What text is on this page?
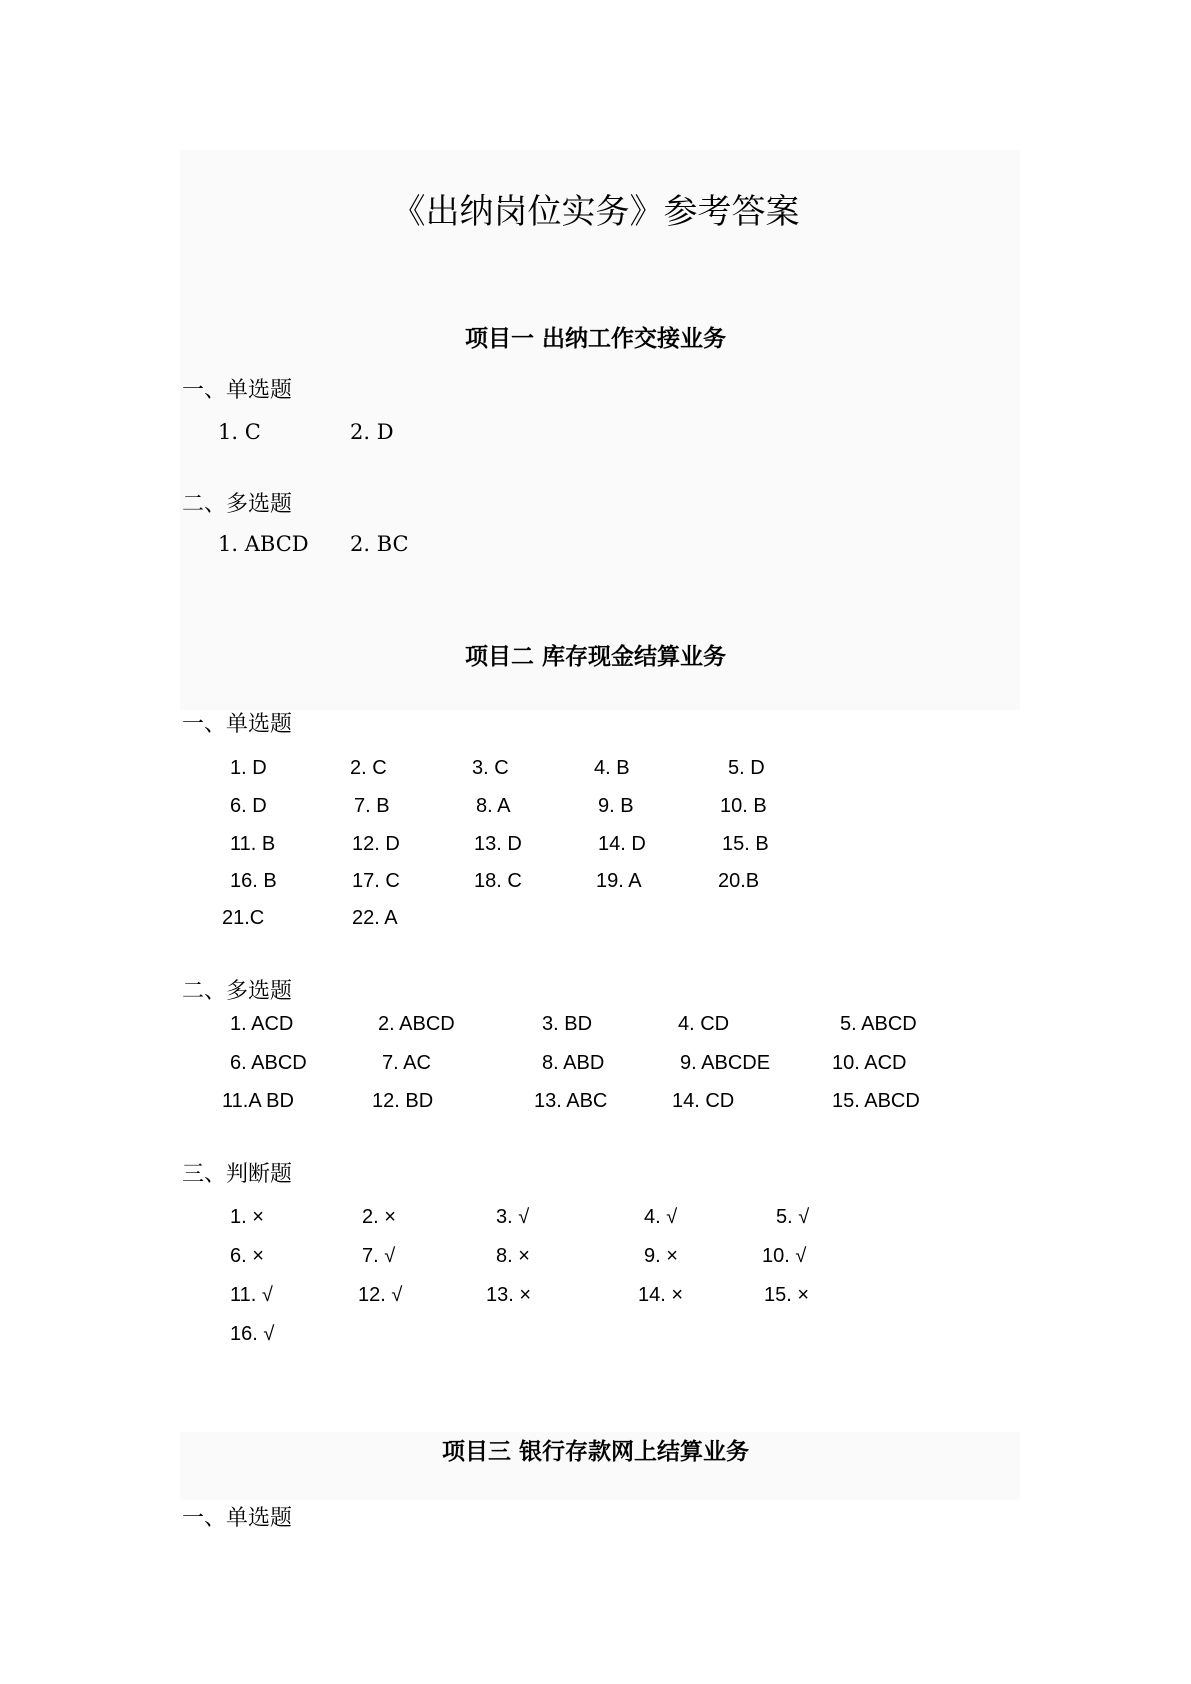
《出纳岗位实务》参考答案
项目一 出纳工作交接业务
一、单选题
1. C	2. D
二、多选题
1. ABCD 2. BC
项目二 库存现金结算业务
一、单选题
1. D	2. C	3. C	4. B	5. D
6. D	7. B	8. A	9. B	10. B
11. B	12. D	13. D	14. D	15. B
16. B	17. C	18. C	19. A	20.B
21.C	22. A
二、多选题
1. ACD	2. ABCD	3. BD	4. CD	5. ABCD
6. ABCD	7. AC	8. ABD	9. ABCDE	10. ACD
11.A BD	12. BD	13. ABC	14. CD	15. ABCD
三、判断题
1. ×	2. ×	3. √	4. √	5. √
6. ×	7. √	8. ×	9. ×	10. √
11. √	12. √	13. ×	14. ×	15. ×
16. √
项目三 银行存款网上结算业务
一、单选题
